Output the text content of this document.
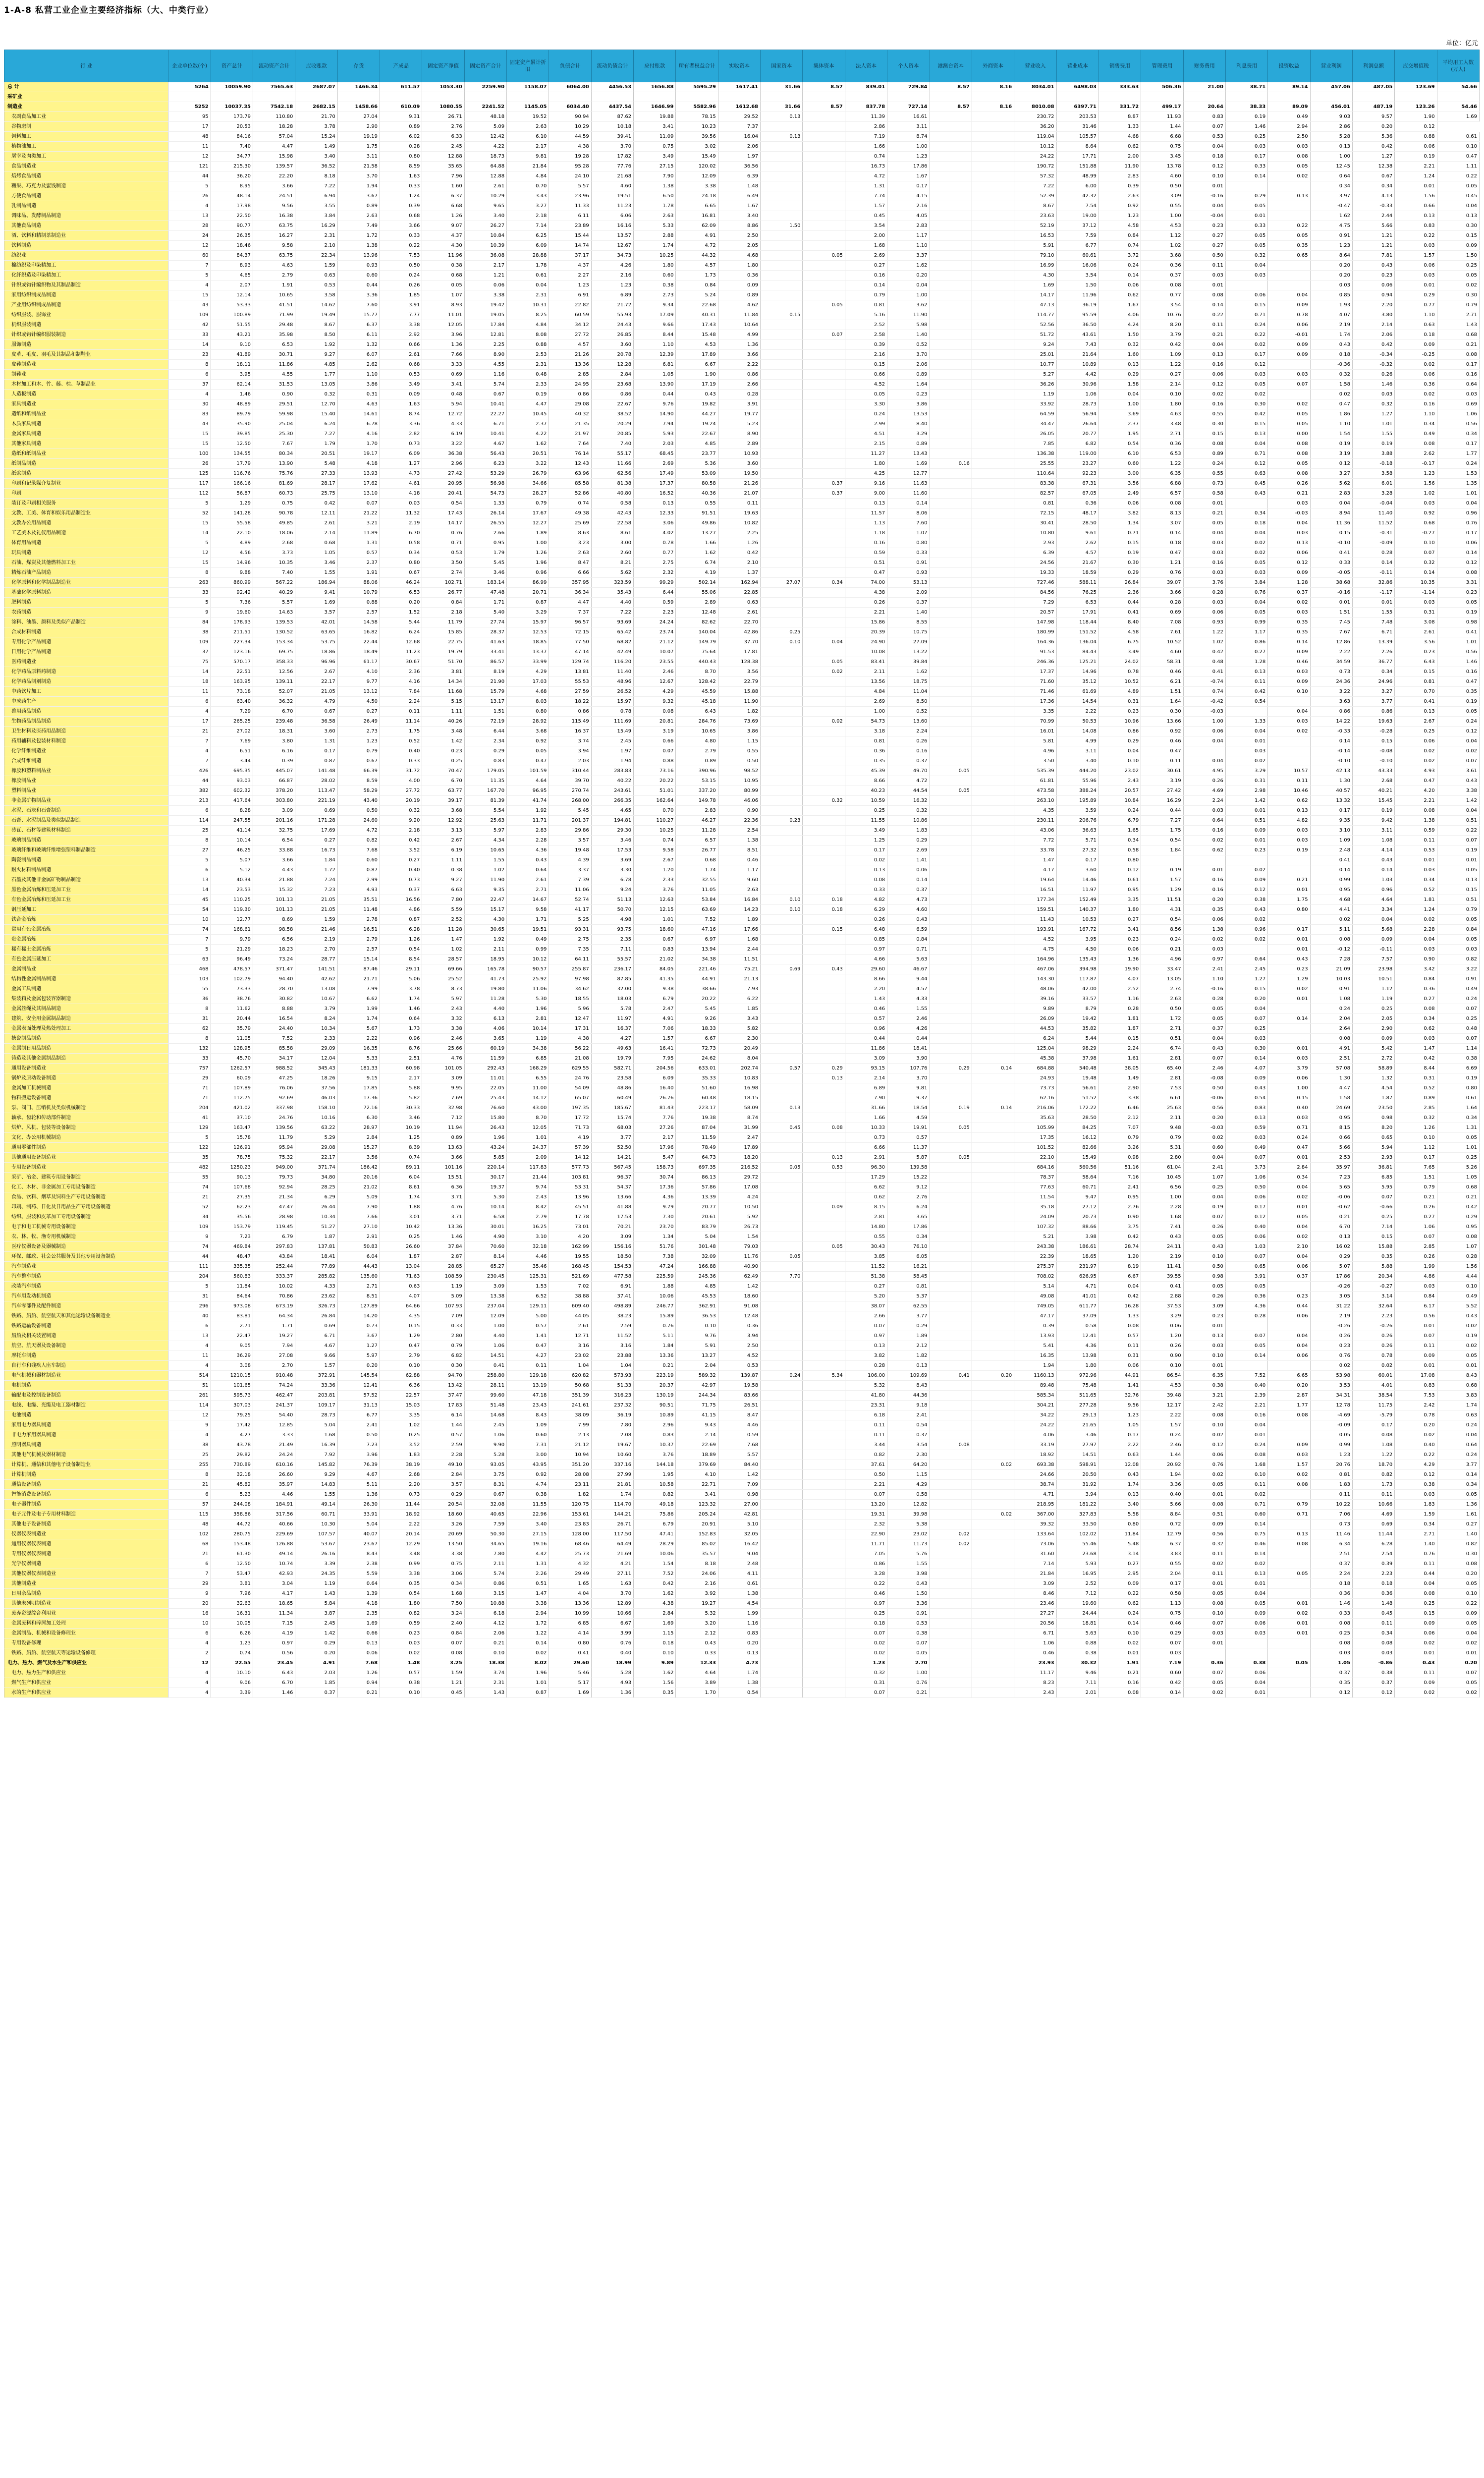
1-A-8 私营工业企业主要经济指标（大、中类行业）
单位：亿元
行 业	企业单位数(个)	资产总计	流动资产合计	应收账款	存货	产成品	固定资产净值	固定资产合计	固定资产累计折旧	负债合计	流动负债合计	应付账款	所有者权益合计	实收资本	国家资本	集体资本	法人资本	个人资本	港澳台资本	外商资本	营业收入	营业成本	销售费用	管理费用	财务费用	利息费用	投资收益	营业利润	利润总额	应交增值税	平均用工人数(万人)
总 计	5264	10059.90	7565.63	2687.07	1466.34	611.57	1053.30	2259.90	1158.07	6064.00	4456.53	1656.88	5595.29	1617.41	31.66	8.57	839.01	729.84	8.57	8.16	8034.01	6498.03	333.63	506.36	21.00	38.71	89.14	457.06	487.05	123.69	54.66
采矿业																															
制造业	5252	10037.35	7542.18	2682.15	1458.66	610.09	1080.55	2241.52	1145.05	6034.40	4437.54	1646.99	5582.96	1612.68	31.66	8.57	837.78	727.14	8.57	8.16	8010.08	6397.71	331.72	499.17	20.64	38.33	89.09	456.01	487.19	123.26	54.46
农副食品加工业	95	173.79	110.80	21.70	27.04	9.31	26.71	48.18	19.52	90.94	87.62	19.88	78.15	29.52	0.13		11.39	16.61			230.72	203.53	8.87	11.93	0.83	0.19	0.49	9.03	9.57	1.90	1.69
谷物磨制	17	20.53	18.28	3.78	2.90	0.89	2.76	5.09	2.63	10.29	10.18	3.41	10.23	7.37			2.86	3.11			36.20	31.46	1.33	1.44	0.07	1.46	2.94	2.86	0.20	0.12	
饲料加工	48	84.16	57.04	15.24	19.19	6.02	6.33	12.42	6.10	44.59	39.41	11.09	39.56	16.04	0.13		7.19	8.74			119.04	105.57	4.68	6.68	0.53	0.25	2.50	5.28	5.36	0.88	0.61
植物油加工	11	7.40	4.47	1.49	1.75	0.28	2.45	4.22	2.17	4.38	3.70	0.75	3.02	2.06			1.66	1.00			10.12	8.64	0.62	0.75	0.04	0.03	0.03	0.13	0.42	0.06	0.10
屠宰及肉类加工	12	34.77	15.98	3.40	3.11	0.80	12.88	18.73	9.81	19.28	17.82	3.49	15.49	1.97			0.74	1.23			24.22	17.71	2.00	3.45	0.18	0.17	0.08	1.00	1.27	0.19	0.47
食品制造业	121	215.30	139.57	36.52	21.58	8.59	35.65	64.88	21.84	95.28	77.76	27.15	120.02	36.56			16.73	17.86			190.72	151.88	11.90	13.78	0.12	0.33	0.05	12.45	12.38	2.21	1.11
焙烤食品制造	44	36.20	22.20	8.18	3.70	1.63	7.96	12.88	4.84	24.10	21.68	7.90	12.09	6.39			4.72	1.67			57.32	48.99	2.83	4.60	0.10	0.14	0.02	0.64	0.67	1.24	0.22
糖果、巧克力及蜜饯制造	5	8.95	3.66	7.22	1.94	0.33	1.60	2.61	0.70	5.57	4.60	1.38	3.38	1.48			1.31	0.17			7.22	6.00	0.39	0.50	0.01			0.34	0.34	0.01	0.05
方便食品制造	26	48.14	24.51	6.94	3.67	1.24	6.37	10.29	3.43	23.96	19.51	6.50	24.18	6.49			7.74	4.15			52.39	42.32	2.63	3.09	-0.16	0.29	0.13	3.97	4.13	1.56	0.45
乳制品制造	4	17.98	9.56	3.55	0.89	0.39	6.68	9.65	3.27	11.33	11.23	1.78	6.65	1.67			1.57	2.16			8.67	7.54	0.92	0.55	0.04	0.05		-0.47	-0.33	0.66	0.04
调味品、发酵制品制造	13	22.50	16.38	3.84	2.63	0.68	1.26	3.40	2.18	6.11	6.06	2.63	16.81	3.40			0.45	4.05			23.63	19.00	1.23	1.00	-0.04	0.01		1.62	2.44	0.13	0.13
其他食品制造	28	90.77	63.75	16.29	7.49	3.66	9.07	26.27	7.14	23.89	16.16	5.33	62.09	8.86	1.50		3.54	2.83			52.19	37.12	4.58	4.53	0.23	0.33	0.22	4.75	5.66	0.83	0.30
酒、饮料和精制茶制造业	24	26.35	16.27	2.31	1.72	0.33	4.37	10.84	6.25	15.44	13.57	2.88	4.91	2.50			2.00	1.17			16.53	7.59	0.84	1.12	0.27	0.05	0.05	0.91	1.21	0.22	0.15
饮料制造	12	18.46	9.58	2.10	1.38	0.22	4.30	10.39	6.09	14.74	12.67	1.74	4.72	2.05			1.68	1.10			5.91	6.77	0.74	1.02	0.27	0.05	0.35	1.23	1.21	0.03	0.09
纺织业	60	84.37	63.75	22.34	13.96	7.53	11.96	36.08	28.88	37.17	34.73	10.25	44.32	4.68		0.05	2.69	3.37			79.10	60.61	3.72	3.68	0.50	0.32	0.65	8.64	7.81	1.57	1.50
棉纺织及印染精加工	7	8.93	4.63	1.59	0.93	0.50	0.38	2.17	1.78	4.37	4.26	1.80	4.57	1.80			0.27	1.62			16.99	16.06	0.24	0.36	0.11	0.04		0.20	0.43	0.06	0.25
化纤织造及印染精加工	5	4.65	2.79	0.63	0.60	0.24	0.68	1.21	0.61	2.27	2.16	0.60	1.73	0.36			0.16	0.20			4.30	3.54	0.14	0.37	0.03	0.03		0.20	0.23	0.03	0.05
针织或钩针编织物及其制品制造	4	2.07	1.91	0.53	0.44	0.26	0.05	0.06	0.04	1.23	1.23	0.38	0.84	0.09			0.14	0.04			1.69	1.50	0.06	0.08	0.01			0.03	0.06	0.01	0.02
家用纺织制成品制造	15	12.14	10.65	3.58	3.36	1.85	1.07	3.38	2.31	6.91	6.89	2.73	5.24	0.89			0.79	1.00			14.17	11.96	0.62	0.77	0.08	0.06	0.04	0.85	0.94	0.29	0.30
产业用纺织制成品制造	43	53.33	41.51	14.62	7.60	3.91	8.93	19.42	10.31	22.82	21.72	9.34	22.68	4.62		0.05	0.81	3.62			47.13	36.19	1.67	3.54	0.14	0.15	0.09	1.93	2.20	0.77	0.79
纺织服装、服饰业	109	100.89	71.99	19.49	15.77	7.77	11.01	19.05	8.25	60.59	55.93	17.09	40.31	11.84	0.15		5.16	11.90			114.77	95.59	4.06	10.76	0.22	0.71	0.78	4.07	3.80	1.10	2.71
机织服装制造	42	51.55	29.48	8.67	6.37	3.38	12.05	17.84	4.84	34.12	24.43	9.66	17.43	10.64			2.52	5.98			52.56	36.50	4.24	8.20	0.11	0.24	0.06	2.19	2.14	0.63	1.43
针织或钩针编织服装制造	33	43.21	35.98	8.50	6.11	2.92	3.96	12.81	8.08	27.72	26.85	8.44	15.48	4.99		0.07	2.58	1.40			51.72	43.61	1.50	3.79	0.21	0.22	-0.01	1.74	2.06	0.18	0.68
服饰制造	14	9.10	6.53	1.92	1.32	0.66	1.36	2.25	0.88	4.57	3.60	1.10	4.53	1.36			0.39	0.52			9.24	7.43	0.32	0.42	0.04	0.02	0.09	0.43	0.42	0.09	0.21
皮革、毛皮、羽毛及其制品和制鞋业	23	41.89	30.71	9.27	6.07	2.61	7.66	8.90	2.53	21.26	20.78	12.39	17.89	3.66			2.16	3.70			25.01	21.64	1.60	1.09	0.13	0.17	0.09	0.18	-0.34	-0.25	0.08
皮鞋制造业	8	18.11	11.86	4.85	2.62	0.68	3.33	4.55	2.31	13.36	12.28	6.81	6.67	2.22			0.15	2.06			10.77	10.89	0.13	1.22	0.16	0.12		-0.36	-0.32	0.02	0.17
制鞋业	6	3.95	4.55	1.77	1.10	0.53	0.69	1.16	0.48	2.85	2.84	1.05	1.90	0.86			0.66	0.89			5.27	4.42	0.29	0.27	0.06	0.03	0.03	0.32	0.26	0.06	0.16
木材加工和木、竹、藤、棕、草制品业	37	62.14	31.53	13.05	3.86	3.49	3.41	5.74	2.33	24.95	23.68	13.90	17.19	2.66			4.52	1.64			36.26	30.96	1.58	2.14	0.12	0.05	0.07	1.58	1.46	0.36	0.64
人造板制造	4	1.46	0.90	0.32	0.31	0.09	0.48	0.67	0.19	0.86	0.86	0.44	0.43	0.28			0.05	0.23			1.19	1.06	0.04	0.10	0.02	0.02		0.02	0.03	0.02	0.03
家具制造业	30	48.89	29.51	12.70	4.63	1.63	5.94	10.41	4.47	29.08	22.67	9.76	19.82	3.91			3.30	3.86			33.92	28.73	1.00	1.80	0.16	0.30	0.02	0.47	0.32	0.16	0.69
造纸和纸制品业	83	89.79	59.98	15.40	14.61	8.74	12.72	22.27	10.45	40.32	38.52	14.90	44.27	19.77			0.24	13.53			64.59	56.94	3.69	4.63	0.55	0.42	0.05	1.86	1.27	1.10	1.06
木质家具制造	43	35.90	25.04	6.24	6.78	3.36	4.33	6.71	2.37	21.35	20.29	7.94	19.24	5.23			2.99	8.40			34.47	26.64	2.37	3.48	0.30	0.15	0.05	1.10	1.01	0.34	0.56
金属家具制造	15	39.85	25.30	7.27	4.16	2.82	6.19	10.41	4.22	21.97	20.85	5.93	22.67	8.90			4.51	3.29			26.05	20.77	1.95	2.71	0.15	0.13	0.00	1.54	1.55	0.49	0.34
其他家具制造	15	12.50	7.67	1.79	1.70	0.73	3.22	4.67	1.62	7.64	7.40	2.03	4.85	2.89			2.15	0.89			7.85	6.82	0.54	0.36	0.08	0.04	0.08	0.19	0.19	0.08	0.17
造纸和纸制品业	100	134.55	80.34	20.51	19.17	6.09	36.38	56.43	20.51	76.14	55.17	68.45	23.77	10.93			11.27	13.43			136.38	119.00	6.10	6.53	0.89	0.71	0.08	3.19	3.88	2.62	1.77
纸制品制造	26	17.79	13.90	5.48	4.18	1.27	2.96	6.23	3.22	12.43	11.66	2.69	5.36	3.60			1.80	1.69	0.16		25.55	23.27	0.60	1.22	0.24	0.12	0.05	0.12	-0.18	-0.17	0.24
纸浆制造	125	116.76	75.76	27.33	13.93	4.73	27.42	53.29	26.79	63.96	62.56	17.49	53.09	19.50			4.25	12.77			110.64	92.23	3.00	6.35	0.55	0.63	0.08	3.27	3.58	1.23	1.53
印刷和记录媒介复制业	117	166.16	81.69	28.17	17.62	4.61	20.95	56.98	34.66	85.58	81.38	17.37	80.58	21.26		0.37	9.16	11.63			83.38	67.31	3.56	6.88	0.73	0.45	0.26	5.62	6.01	1.56	1.35
印刷	112	56.87	60.73	25.75	13.10	4.18	20.41	54.73	28.27	52.86	40.80	16.52	40.36	21.07		0.37	9.00	11.60			82.57	67.05	2.49	6.57	0.58	0.43	0.21	2.83	3.28	1.02	1.01
装订及印刷相关服务	5	1.29	0.75	0.42	0.07	0.03	0.54	1.33	0.79	0.74	0.58	0.13	0.55	0.11			0.13	0.14			0.81	0.36	0.06	0.08	0.01		0.03	0.04	-0.04	0.03	0.04
文教、工美、体育和娱乐用品制造业	52	141.28	90.78	12.11	21.22	11.32	17.43	26.14	17.67	49.38	42.43	12.33	91.51	19.63			11.57	8.06			72.15	48.17	3.82	8.13	0.21	0.34	-0.03	8.94	11.40	0.92	0.96
文教办公用品制造	15	55.58	49.85	2.61	3.21	2.19	14.17	26.55	12.27	25.69	22.58	3.06	49.86	10.82			1.13	7.60			30.41	28.50	1.34	3.07	0.05	0.18	0.04	11.36	11.52	0.68	0.76
工艺美术及礼仪用品制造	14	22.10	18.06	2.14	11.89	6.70	0.76	2.66	1.89	8.63	8.61	4.02	13.27	2.25			1.18	1.07			10.80	9.61	0.71	0.14	0.04	0.04	0.03	0.15	-0.31	-0.27	0.17
体育用品制造	5	4.89	2.68	0.68	1.31	0.58	0.71	0.95	1.00	3.23	3.00	0.78	1.66	1.26			0.16	0.80			2.93	2.62	0.15	0.18	0.03	0.02	0.13	-0.10	-0.09	0.10	0.06
玩具制造	12	4.56	3.73	1.05	0.57	0.34	0.53	1.79	1.26	2.63	2.60	0.77	1.62	0.42			0.59	0.33			6.39	4.57	0.19	0.47	0.03	0.02	0.06	0.41	0.28	0.07	0.14
石油、煤炭及其他燃料加工业	15	14.96	10.35	3.46	2.37	0.80	3.50	5.45	1.96	8.47	8.21	2.75	6.74	2.10			0.51	0.91			24.56	21.67	0.30	1.21	0.16	0.05	0.12	0.33	0.14	0.32	0.12
精炼石油产品制造	8	9.88	7.40	1.55	1.91	0.67	2.74	3.46	0.96	6.66	5.62	2.32	4.19	1.37			0.47	0.93			19.33	18.59	0.29	0.76	0.03	0.03	0.09	-0.05	-0.11	0.14	0.08
化学原料和化学制品制造业	263	860.99	567.22	186.94	88.06	46.24	102.71	183.14	86.99	357.95	323.59	99.29	502.14	162.94	27.07	0.34	74.00	53.13			727.46	588.11	26.84	39.07	3.76	3.84	1.28	38.68	32.86	10.35	3.31
基础化学原料制造	33	92.42	40.29	9.41	10.79	6.53	26.77	47.48	20.71	36.34	35.43	6.44	55.06	22.85			4.38	2.09			84.56	76.25	2.36	3.66	0.28	0.76	0.37	-0.16	-1.17	-1.14	0.23
肥料制造	5	7.36	5.57	1.69	0.88	0.20	0.84	1.71	0.87	4.47	4.40	0.59	2.89	0.63			0.26	0.37			7.29	6.53	0.44	0.28	0.03	0.04	0.02	0.01	0.01	0.03	0.05
农药制造	9	19.60	14.63	3.57	2.57	1.52	2.18	5.40	3.29	7.37	7.22	2.23	12.48	2.61			2.21	1.40			20.57	17.91	0.41	0.69	0.06	0.05	0.03	1.51	1.55	0.31	0.19
涂料、油墨、颜料及类似产品制造	84	178.93	139.53	42.01	14.58	5.44	11.79	27.74	15.97	96.57	93.69	24.24	82.62	22.70			15.86	8.55			147.98	118.44	8.40	7.08	0.93	0.99	0.35	7.45	7.48	3.08	0.98
合成材料制造	38	211.51	130.52	63.65	16.82	6.24	15.85	28.37	12.53	72.15	65.42	23.74	140.04	42.86	0.25		20.39	10.75			180.99	151.52	4.58	7.61	1.22	1.17	0.35	7.67	6.71	2.61	0.41
专用化学产品制造	109	227.34	153.34	53.75	22.44	12.68	22.75	41.63	18.85	77.50	68.82	21.12	149.79	37.70	0.10	0.04	24.90	27.09			164.36	136.04	6.75	10.52	1.02	0.86	0.14	12.86	13.39	3.56	1.01
日用化学产品制造	37	123.16	69.75	18.86	18.49	11.23	19.79	33.41	13.37	47.14	42.49	10.07	75.64	17.81			10.08	13.22			91.53	84.43	3.49	4.60	0.42	0.27	0.09	2.22	2.26	0.23	0.56
医药制造业	75	570.17	358.33	96.96	61.17	30.67	51.70	86.57	33.99	129.74	116.20	23.55	440.43	128.38		0.05	83.41	39.84			246.36	125.21	24.02	58.31	0.48	1.28	0.46	34.59	36.77	6.43	1.46
化学药品原料药制造	14	22.51	12.56	2.67	4.10	2.36	3.81	8.19	4.29	13.81	11.40	2.46	8.70	3.56		0.02	2.11	1.62			17.37	14.96	0.78	0.46	0.41	0.13	0.03	0.73	0.34	0.15	0.16
化学药品制剂制造	18	163.95	139.11	22.17	9.77	4.16	14.34	21.90	17.03	55.53	48.96	12.67	128.42	22.79			13.56	18.75			71.60	35.12	10.52	6.21	-0.74	0.11	0.09	24.36	24.96	0.81	0.47
中药饮片加工	11	73.18	52.07	21.05	13.12	7.84	11.68	15.79	4.68	27.59	26.52	4.29	45.59	15.88			4.84	11.04			71.46	61.69	4.89	1.51	0.74	0.42	0.10	3.22	3.27	0.70	0.35
中成药生产	6	63.40	36.32	4.79	4.50	2.24	5.15	13.17	8.03	18.22	15.97	9.32	45.18	11.90			2.69	8.50			17.36	14.54	0.31	1.64	-0.42	0.54		3.63	3.77	0.41	0.19
兽用药品制造	4	7.29	6.70	0.67	0.27	0.11	1.11	1.51	0.80	0.86	0.78	0.08	6.43	1.82			1.00	0.52			3.35	2.22	0.23	0.30	-0.03		0.04	0.86	0.86	0.13	0.05
生物药品制品制造	17	265.25	239.48	36.58	26.49	11.14	40.26	72.19	28.92	115.49	111.69	20.81	284.76	73.69		0.02	54.73	13.60			70.99	50.53	10.96	13.66	1.00	1.33	0.03	14.22	19.63	2.67	0.24
卫生材料及医药用品制造	21	27.02	18.31	3.60	2.73	1.75	3.48	6.44	3.68	16.37	15.49	3.19	10.65	3.86			3.18	2.24			16.01	14.08	0.86	0.92	0.06	0.04	0.02	-0.33	-0.28	0.25	0.12
药用辅料及包装材料制造	7	7.69	3.80	1.31	1.23	0.52	1.42	2.34	0.92	3.74	2.45	0.66	4.80	1.15			0.81	0.26			5.81	4.99	0.29	0.46	0.04	0.01		0.14	0.15	0.06	0.04
化学纤维制造业	4	6.51	6.16	0.17	0.79	0.40	0.23	0.29	0.05	3.94	1.97	0.07	2.79	0.55			0.36	0.16			4.96	3.11	0.04	0.47		0.03		-0.14	-0.08	0.02	0.02
合成纤维制造	7	3.44	0.39	0.87	0.67	0.33	0.25	0.83	0.47	2.03	1.94	0.88	0.89	0.50			0.35	0.37			3.50	3.40	0.10	0.11	0.04	0.02		-0.10	-0.10	0.02	0.07
橡胶和塑料制品业	426	695.35	445.07	141.48	66.39	31.72	70.47	179.05	101.59	310.44	283.83	73.16	390.96	98.52			45.39	49.70	0.05		535.39	444.20	23.02	30.61	4.95	3.29	10.57	42.13	43.33	4.93	3.61
橡胶制品业	44	93.03	66.87	28.02	8.59	4.00	6.70	11.35	4.64	39.70	40.22	20.22	53.15	10.95			8.66	4.72			61.81	55.96	2.43	3.19	0.26	0.31	0.11	1.30	2.68	0.47	0.43
塑料制品业	382	602.32	378.20	113.47	58.29	27.72	63.77	167.70	96.95	270.74	243.61	51.01	337.20	80.99			40.23	44.54	0.05		473.58	388.24	20.57	27.42	4.69	2.98	10.46	40.57	40.21	4.20	3.38
非金属矿物制品业	213	417.64	303.80	221.19	43.40	20.19	39.17	81.39	41.74	268.00	266.35	162.64	149.78	46.06		0.32	10.59	16.32			263.10	195.89	10.84	16.29	2.24	1.42	0.62	13.32	15.45	2.21	1.42
水泥、石灰和石膏制造	6	8.28	3.09	0.69	0.50	0.32	3.68	5.54	1.92	5.45	4.65	0.70	2.83	0.90			0.25	0.32			4.35	3.59	0.24	0.44	0.03	0.01	0.13	0.17	0.19	0.08	0.04
石膏、水泥制品及类似制品制造	114	247.55	201.16	171.28	24.60	9.20	12.92	25.63	11.71	201.37	194.81	110.27	46.27	22.36	0.23		11.55	10.86			230.11	206.76	6.79	7.27	0.64	0.51	4.82	9.35	9.42	1.38	0.51
砖瓦、石材等建筑材料制造	25	41.14	32.75	17.69	4.72	2.18	3.13	5.97	2.83	29.86	29.30	10.25	11.28	2.54			3.49	1.83			43.06	36.63	1.65	1.75	0.16	0.09	0.03	3.10	3.11	0.59	0.22
玻璃制品制造	8	10.14	6.54	0.27	0.82	0.42	2.67	4.34	2.28	3.57	3.46	0.74	6.57	1.38			1.25	0.29			7.72	5.71	0.34	0.54	0.02	0.01	0.03	1.09	1.08	0.11	0.07
玻璃纤维和玻璃纤维增强塑料制品制造	27	46.25	33.88	16.73	7.68	3.52	6.19	10.65	4.36	19.48	17.53	9.58	26.77	8.51			0.17	2.69			33.78	27.32	0.58	1.84	0.62	0.23	0.19	2.48	4.14	0.53	0.19
陶瓷制品制造	5	5.07	3.66	1.84	0.60	0.27	1.11	1.55	0.43	4.39	3.69	2.67	0.68	0.46			0.02	1.41			1.47	0.17	0.80					0.41	0.43	0.01	0.01
耐火材料制品制造	6	5.12	4.43	1.72	0.87	0.40	0.38	1.02	0.64	3.37	3.30	1.20	1.74	1.17			0.13	0.06			4.17	3.60	0.12	0.19	0.01	0.02		0.14	0.14	0.03	0.05
石墨及其他非金属矿物制品制造	13	40.34	21.88	7.24	2.99	0.73	9.27	11.90	2.61	7.39	6.78	2.33	32.55	9.60			0.08	0.14			19.64	14.46	0.61	1.57	0.16	0.09	0.21	0.99	1.03	0.34	0.13
黑色金属冶炼和压延加工业	14	23.53	15.32	7.23	4.93	0.37	6.63	9.35	2.71	11.06	9.24	3.76	11.05	2.63			0.33	0.37			16.51	11.97	0.95	1.29	0.16	0.12	0.01	0.95	0.96	0.52	0.15
有色金属冶炼和压延加工业	45	110.25	101.13	21.05	35.51	16.56	7.80	22.47	14.67	52.74	51.13	12.63	53.84	16.84	0.10	0.18	4.82	4.73			177.34	152.49	3.35	11.51	0.20	0.38	1.75	4.68	4.64	1.81	0.51
钢压延加工	54	119.30	101.13	21.05	11.48	4.86	5.59	15.17	9.58	41.17	50.70	12.15	63.69	14.23	0.10	0.18	6.29	4.60			159.51	140.37	1.80	4.31	0.35	0.43	0.80	4.41	3.34	1.24	0.79
铁合金冶炼	10	12.77	8.69	1.59	2.78	0.87	2.52	4.30	1.71	5.25	4.98	1.01	7.52	1.89			0.26	0.43			11.43	10.53	0.27	0.54	0.06	0.02		0.02	0.04	0.02	0.05
常用有色金属冶炼	74	168.61	98.58	21.46	16.51	6.28	11.28	30.65	19.51	93.31	93.75	18.60	47.16	17.66		0.15	6.48	6.59			193.91	167.72	3.41	8.56	1.38	0.96	0.17	5.11	5.68	2.28	0.84
贵金属冶炼	7	9.79	6.56	2.19	2.79	1.26	1.47	1.92	0.49	2.75	2.35	0.67	6.97	1.68			0.85	0.84			4.52	3.95	0.23	0.24	0.02	0.02	0.01	0.08	0.09	0.04	0.05
稀有稀土金属冶炼	5	21.29	18.23	2.70	2.57	0.54	1.02	2.11	0.99	7.35	7.11	0.83	13.94	2.44			0.97	0.71			4.75	4.50	0.06	0.21	0.03		0.01	-0.12	-0.11	0.03	0.03
有色金属压延加工	63	96.49	73.24	28.77	15.14	8.54	28.57	18.95	10.12	64.11	55.57	21.02	34.38	11.51			4.66	5.63			164.96	135.43	1.36	4.96	0.97	0.64	0.43	7.28	7.57	0.90	0.82
金属制品业	468	478.57	371.47	141.51	87.46	29.11	69.66	165.78	90.57	255.87	236.17	84.05	221.46	75.21	0.69	0.43	29.60	46.67			467.06	394.98	19.90	33.47	2.41	2.45	0.23	21.09	23.98	3.42	3.22
结构性金属制品制造	103	102.79	94.40	42.62	21.71	5.06	25.52	41.73	25.92	97.98	87.85	41.35	44.91	21.13			8.66	9.44			143.30	117.87	4.07	13.05	1.10	1.27	1.29	10.03	10.51	0.84	0.91
金属工具制造	55	73.33	28.70	13.08	7.99	3.78	8.73	19.80	11.06	34.62	32.00	9.38	38.66	7.93			2.20	4.57			48.06	42.00	2.52	2.74	-0.16	0.15	0.02	0.91	1.12	0.36	0.49
集装箱及金属包装容器制造	36	38.76	30.82	10.67	6.62	1.74	5.97	11.28	5.30	18.55	18.03	6.79	20.22	6.22			1.43	4.33			39.16	33.57	1.16	2.63	0.28	0.20	0.01	1.08	1.19	0.27	0.24
金属丝绳及其制品制造	8	11.62	8.88	3.79	1.99	1.46	2.43	4.40	1.96	5.96	5.78	2.47	5.45	1.85			0.46	1.55			9.89	8.79	0.28	0.50	0.05	0.04		0.24	0.25	0.08	0.07
建筑、安全用金属制品制造	31	20.44	16.54	8.24	1.74	0.64	3.32	6.13	2.81	12.47	11.97	4.91	9.26	3.43			0.57	2.46			26.09	19.42	1.81	1.72	0.05	0.07	0.14	2.04	2.05	0.34	0.25
金属表面处理及热处理加工	62	35.79	24.40	10.34	5.67	1.73	3.38	4.06	10.14	17.31	16.37	7.06	18.33	5.82			0.96	4.26			44.53	35.82	1.87	2.71	0.37	0.25		2.64	2.90	0.62	0.48
搪瓷制品制造	8	11.05	7.52	2.33	2.22	0.96	2.46	3.65	1.19	4.38	4.27	1.57	6.67	2.30			0.44	0.44			6.24	5.44	0.15	0.51	0.04	0.03		0.08	0.09	0.03	0.07
金属制日用品制造	132	128.95	85.58	29.09	16.35	8.76	25.66	60.19	34.38	56.22	49.63	16.41	72.73	20.49			11.86	18.41			125.04	98.29	2.24	6.74	0.43	0.30	0.01	4.91	5.42	1.47	1.14
铸造及其他金属制品制造	33	45.70	34.17	12.04	5.33	2.51	4.76	11.59	6.85	21.08	19.79	7.95	24.62	8.04			3.09	3.90			45.38	37.98	1.61	2.81	0.07	0.14	0.03	2.51	2.72	0.42	0.38
通用设备制造业	757	1262.57	988.52	345.43	181.33	60.98	101.05	292.43	168.29	629.55	582.71	204.56	633.01	202.74	0.57	0.29	93.15	107.76	0.29	0.14	684.88	540.48	38.05	65.40	2.46	4.07	3.79	57.08	58.89	8.44	6.69
锅炉及原动设备制造	29	60.09	47.25	18.26	9.15	2.17	3.09	11.01	6.55	24.76	23.58	6.09	35.33	10.83		0.13	2.14	3.70			24.93	19.48	1.49	2.81	-0.08	0.09	0.06	1.30	1.32	0.31	0.19
金属加工机械制造	71	107.89	76.06	37.56	17.85	5.88	9.95	22.05	11.00	54.09	48.86	16.40	51.60	16.98			6.89	9.81			73.73	56.61	2.90	7.53	0.50	0.43	1.00	4.47	4.54	0.52	0.80
物料搬运设备制造	71	112.75	92.69	46.03	17.36	5.82	7.69	25.43	14.12	65.07	60.49	26.76	60.48	18.15			7.90	9.37			62.16	51.52	3.38	6.61	-0.06	0.54	0.15	1.58	1.87	0.89	0.61
泵、阀门、压缩机及类似机械制造	204	421.02	337.98	158.10	72.16	30.33	32.98	76.60	43.00	197.35	185.67	81.43	223.17	58.09	0.13		31.66	18.54	0.19	0.14	216.06	172.22	6.46	25.63	0.56	0.83	0.40	24.69	23.50	2.85	1.64
轴承、齿轮和传动部件制造	41	37.10	24.76	10.16	6.30	3.46	7.12	15.80	8.70	17.72	15.74	7.76	19.38	8.74			1.66	4.59			35.63	28.50	2.12	2.11	0.20	0.13	0.03	0.95	0.98	0.32	0.34
烘炉、风机、包装等设备制造	129	163.47	139.56	63.22	28.97	10.19	11.94	26.43	12.05	71.73	68.03	27.26	87.04	31.99	0.45	0.08	10.33	19.91	0.05		105.99	84.25	7.07	9.48	-0.03	0.59	0.71	8.15	8.20	1.26	1.31
文化、办公用机械制造	5	15.78	11.79	5.29	2.84	1.25	0.89	1.96	1.01	4.19	3.77	2.17	11.59	2.47			0.73	0.57			17.35	16.12	0.79	0.79	0.02	0.03	0.24	0.66	0.65	0.10	0.05
通用零部件制造	122	126.91	95.94	29.08	15.27	8.39	13.63	43.24	24.37	57.39	52.50	17.96	78.49	17.89			6.66	11.37			101.52	82.66	3.26	5.31	0.60	0.49	0.47	5.66	5.94	1.12	1.01
其他通用设备制造业	35	78.75	75.32	22.17	3.56	0.74	3.66	5.85	2.09	14.12	14.21	5.47	64.73	18.20		0.13	2.91	5.87	0.05		22.10	15.49	0.98	2.80	0.04	0.07	0.01	2.53	2.93	0.17	0.25
专用设备制造业	482	1250.23	949.00	371.74	186.42	89.11	101.16	220.14	117.83	577.73	567.45	158.73	697.35	216.52	0.05	0.53	96.30	139.58			684.16	560.56	51.16	61.04	2.41	3.73	2.84	35.97	36.81	7.65	5.26
采矿、冶金、建筑专用设备制造	55	90.13	79.73	34.80	20.16	6.04	15.51	30.17	21.44	103.81	96.37	30.74	86.13	29.72			17.29	15.22			78.37	58.64	7.16	10.45	1.07	1.06	0.34	7.23	6.85	1.51	1.05
化工、木材、非金属加工专用设备制造	74	107.68	92.94	28.25	21.02	8.61	6.36	19.37	9.74	53.31	54.37	17.36	57.86	17.08			6.62	9.12			77.63	60.71	2.41	6.56	0.25	0.50	0.04	5.65	5.95	0.79	0.68
食品、饮料、烟草及饲料生产专用设备制造	21	27.35	21.34	6.29	5.09	1.74	3.71	5.30	2.43	13.96	13.66	4.36	13.39	4.24			0.62	2.76			11.54	9.47	0.95	1.00	0.04	0.06	0.02	-0.06	0.07	0.21	0.21
印刷、制药、日化及日用品生产专用设备制造	52	62.23	47.47	26.44	7.90	1.88	4.76	10.14	8.42	45.51	41.88	9.79	20.77	10.50		0.09	8.15	6.24			35.18	27.12	2.76	2.28	0.19	0.17	0.01	-0.62	-0.66	0.26	0.42
纺织、服装和皮革加工专用设备制造	34	35.56	28.98	10.34	7.66	3.01	3.71	6.58	2.79	17.78	17.53	7.30	20.61	5.92			2.81	3.65			24.09	20.73	0.90	1.68	0.07	0.12	0.05	0.21	0.25	0.27	0.29
电子和电工机械专用设备制造	109	153.79	119.45	51.27	27.10	10.42	13.36	30.01	16.25	73.01	70.21	23.70	83.79	26.73			14.80	17.86			107.32	88.66	3.75	7.41	0.26	0.40	0.04	6.70	7.14	1.06	0.95
农、林、牧、渔专用机械制造	9	7.23	6.79	1.87	2.91	0.25	1.46	4.90	3.10	4.20	3.09	1.34	5.04	1.54			0.55	0.34			5.21	3.98	0.42	0.43	0.05	0.06	0.02	0.13	0.15	0.07	0.08
医疗仪器设备及器械制造	74	469.84	297.83	137.81	50.83	26.60	37.84	70.60	32.18	162.99	156.16	51.76	301.48	79.03		0.05	30.43	76.10			243.38	186.61	28.74	24.11	0.43	1.03	2.10	16.02	15.88	2.85	1.07
环保、邮政、社会公共服务及其他专用设备制造	44	48.47	43.84	18.41	6.04	1.87	2.87	8.14	4.46	19.55	18.50	7.38	32.09	11.76	0.05		3.85	6.05			22.39	18.65	1.20	2.19	0.10	0.07	0.04	0.29	0.35	0.26	0.28
汽车制造业	111	335.35	252.44	77.89	44.43	13.04	28.85	65.27	35.46	168.45	154.53	47.24	166.88	40.90			11.52	16.21			275.37	231.97	8.19	11.41	0.50	0.65	0.06	5.07	5.88	1.99	1.56
汽车整车制造	204	560.83	333.37	285.82	135.60	71.63	108.59	230.45	125.31	521.69	477.58	225.59	245.36	62.49	7.70		51.38	58.45			708.02	626.95	6.67	39.55	0.98	3.91	0.37	17.86	20.34	4.86	4.44
改装汽车制造	5	11.84	10.02	4.33	2.71	0.63	1.19	3.09	1.53	7.02	6.91	1.88	4.85	1.42			0.27	0.81			5.14	4.71	0.04	0.41	0.05	0.05		-0.26	-0.27	0.03	0.10
汽车用发动机制造	31	84.64	70.86	23.62	8.51	4.07	5.09	13.38	6.52	38.88	37.41	10.06	45.53	18.60			5.20	5.37			49.08	41.01	0.42	2.88	0.26	0.36	0.23	3.05	3.14	0.84	0.49
汽车零部件及配件制造	296	973.08	673.19	326.73	127.89	64.66	107.93	237.04	129.11	609.40	498.89	246.77	362.91	91.08			38.07	62.55			749.05	611.77	16.28	37.53	3.09	4.36	0.44	31.22	32.64	6.17	5.52
铁路、船舶、航空航天和其他运输设备制造业	40	83.81	64.34	26.84	14.20	4.35	7.09	12.09	5.00	44.05	38.23	15.89	36.53	12.48			2.66	3.77			47.17	37.09	1.33	3.29	0.23	0.28	0.06	2.19	2.23	0.56	0.43
铁路运输设备制造	6	2.71	1.71	0.69	0.73	0.15	0.33	1.00	0.57	2.61	2.59	0.76	0.10	0.36			0.07	0.29			0.39	0.58	0.08	0.06	0.01			-0.26	-0.26	0.01	0.02
船舶及相关装置制造	13	22.47	19.27	6.71	3.67	1.29	2.80	4.40	1.41	12.71	11.52	5.11	9.76	3.94			0.97	1.89			13.93	12.41	0.57	1.20	0.13	0.07	0.04	0.26	0.26	0.07	0.19
航空、航天器及设备制造	4	9.05	7.94	4.67	1.27	0.47	0.79	1.06	0.47	3.16	3.16	1.84	5.91	2.50			0.13	2.12			5.41	4.36	0.11	0.26	0.03	0.05	0.04	0.23	0.26	0.11	0.02
摩托车制造	11	36.29	27.08	9.66	5.97	2.79	6.82	14.51	4.27	23.02	23.88	13.36	13.27	4.52			3.82	1.82			16.35	13.98	0.31	0.90	0.10	0.14	0.06	0.76	0.78	0.09	0.05
自行车和残疾人座车制造	4	3.08	2.70	1.57	0.20	0.10	0.30	0.41	0.11	1.04	1.04	0.21	2.04	0.53			0.28	0.13			1.94	1.80	0.06	0.10	0.01			0.02	0.02	0.01	0.01
电气机械和器材制造业	514	1210.15	910.48	372.91	145.54	62.88	94.70	258.80	129.18	620.82	573.93	223.19	589.32	139.87	0.24	5.34	106.00	109.69	0.41	0.20	1160.13	972.96	44.91	86.54	6.35	7.52	6.65	53.98	60.01	17.08	8.43
电机制造	51	101.65	74.24	33.36	12.41	6.36	13.42	28.11	13.19	50.68	51.33	20.37	42.97	19.58			5.32	8.43			89.48	75.48	1.41	4.53	0.38	0.40	0.20	3.53	4.01	0.83	0.68
输配电及控制设备制造	261	595.73	462.47	203.81	57.52	22.57	37.47	99.60	47.18	351.39	316.23	130.19	244.34	83.66			41.80	44.36			585.34	511.65	32.76	39.48	3.21	2.39	2.87	34.31	38.54	7.53	3.83
电线、电缆、光缆及电工器材制造	114	307.03	241.37	109.17	31.13	15.03	17.83	51.48	23.43	241.61	237.32	90.51	71.75	26.51			23.31	9.18			304.21	277.28	9.56	12.17	2.42	2.21	1.77	12.78	11.75	2.42	1.74
电池制造	12	79.25	54.40	28.73	6.77	3.35	6.14	14.68	8.43	38.09	36.19	10.89	41.15	8.47			6.18	2.41			34.22	29.13	1.23	2.22	0.08	0.16	0.08	-4.69	-5.79	0.78	0.63
家用电力器具制造	9	17.42	12.85	5.04	2.41	1.02	1.44	2.45	1.09	7.99	7.80	2.96	9.43	4.46			0.11	0.54			24.22	21.65	1.05	1.57	0.10	0.04		-0.09	0.17	0.20	0.24
非电力家用器具制造	4	4.27	3.33	1.68	0.50	0.25	0.57	1.06	0.60	2.13	2.08	0.83	2.14	0.59			0.11	0.37			4.06	3.46	0.17	0.24	0.02	0.01		0.05	0.08	0.02	0.04
照明器具制造	38	43.78	21.49	16.39	7.23	3.52	2.59	9.90	7.31	21.12	19.67	10.37	22.69	7.68			3.44	3.54	0.08		33.19	27.97	2.22	2.46	0.12	0.24	0.09	0.99	1.08	0.40	0.64
其他电气机械及器材制造	25	29.82	24.24	7.92	3.96	1.83	2.28	5.28	3.00	10.94	10.60	3.76	18.89	5.57			0.82	2.30			18.92	14.51	0.63	1.44	0.06	0.08	0.03	1.23	1.22	0.22	0.24
计算机、通信和其他电子设备制造业	255	730.89	610.16	145.82	76.39	38.19	49.10	93.05	43.95	351.20	337.16	144.18	379.69	84.40			37.61	64.20		0.02	693.38	598.91	12.08	20.92	0.76	1.68	1.57	20.76	18.70	4.29	3.77
计算机制造	8	32.18	26.60	9.29	4.67	2.68	2.84	3.75	0.92	28.08	27.99	1.95	4.10	1.42			0.50	1.15			24.66	20.50	0.43	1.94	0.02	0.10	0.02	0.81	0.82	0.12	0.14
通信设备制造	21	45.82	35.97	14.83	5.11	2.20	3.57	8.31	4.74	23.11	21.81	10.58	22.71	7.09			2.21	4.29			38.74	31.92	1.74	3.36	0.05	0.11	0.08	1.83	1.73	0.38	0.34
智能消费设备制造	6	5.23	4.46	1.55	1.36	0.73	0.29	0.67	0.38	1.82	1.74	0.82	3.41	0.98			0.07	0.58			4.71	3.94	0.13	0.40	0.01	0.02		0.11	0.11	0.03	0.05
电子器件制造	57	244.08	184.91	49.14	26.30	11.44	20.54	32.08	11.55	120.75	114.70	49.18	123.32	27.00			13.20	12.82			218.95	181.22	3.40	5.66	0.08	0.71	0.79	10.22	10.66	1.83	1.36
电子元件及电子专用材料制造	115	358.86	317.56	60.71	33.91	18.92	18.60	40.65	22.96	153.61	144.21	75.86	205.24	42.81			19.31	39.98		0.02	367.00	327.83	5.58	8.84	0.51	0.60	0.71	7.06	4.69	1.59	1.61
其他电子设备制造	48	44.72	40.66	10.30	5.04	2.22	3.26	7.59	3.40	23.83	26.71	6.79	20.91	5.10			2.32	5.38			39.32	33.50	0.80	0.72	0.09	0.14		0.73	0.69	0.34	0.27
仪器仪表制造业	102	280.75	229.69	107.57	40.07	20.14	20.69	50.30	27.15	128.00	117.50	47.41	152.83	32.05			22.90	23.02	0.02		133.64	102.02	11.84	12.79	0.56	0.75	0.13	11.46	11.44	2.71	1.40
通用仪器仪表制造	68	153.48	126.88	53.67	23.67	12.29	13.50	34.65	19.16	68.46	64.49	28.29	85.02	16.42			11.71	11.73	0.02		73.06	55.46	5.48	6.37	0.32	0.46	0.08	6.34	6.28	1.40	0.82
专用仪器仪表制造	21	61.30	49.14	26.16	8.43	3.48	3.38	7.80	4.42	25.73	21.69	10.06	35.57	9.04			7.05	5.76			31.60	23.68	3.14	3.83	0.11	0.14		2.51	2.54	0.76	0.30
光学仪器制造	6	12.50	10.74	3.39	2.38	0.99	0.75	2.11	1.31	4.32	4.21	1.54	8.18	2.48			0.86	1.55			7.14	5.93	0.27	0.55	0.02	0.02		0.37	0.39	0.11	0.08
其他仪器仪表制造业	7	53.47	42.93	24.35	5.59	3.38	3.06	5.74	2.26	29.49	27.11	7.52	24.06	4.11			3.28	3.98			21.84	16.95	2.95	2.04	0.11	0.13	0.05	2.24	2.23	0.44	0.20
其他制造业	29	3.81	3.04	1.19	0.64	0.35	0.34	0.86	0.51	1.65	1.63	0.42	2.16	0.61			0.22	0.43			3.09	2.52	0.09	0.17	0.01	0.01		0.18	0.18	0.04	0.05
日用杂品制造	9	7.96	4.17	1.43	1.39	0.54	1.68	3.15	1.47	4.04	3.70	1.62	3.92	1.38			0.46	1.50			8.46	7.12	0.22	0.58	0.05	0.04		0.36	0.36	0.08	0.10
其他未列明制造业	20	32.63	18.65	5.84	4.18	1.80	7.50	10.88	3.38	13.36	12.89	4.38	19.27	4.54			0.97	3.36			23.46	19.60	0.62	1.13	0.08	0.05	0.01	1.46	1.48	0.25	0.22
废弃资源综合利用业	16	16.31	11.34	3.87	2.35	0.82	3.24	6.18	2.94	10.99	10.66	2.84	5.32	1.99			0.25	0.91			27.27	24.44	0.24	0.75	0.10	0.09	0.02	0.33	0.45	0.15	0.09
金属废料和碎屑加工处理	10	10.05	7.15	2.45	1.69	0.59	2.40	4.12	1.72	6.85	6.67	1.69	3.20	1.16			0.18	0.53			20.56	18.81	0.14	0.46	0.07	0.06	0.01	0.08	0.11	0.09	0.05
金属制品、机械和设备修理业	6	6.26	4.19	1.42	0.66	0.23	0.84	2.06	1.22	4.14	3.99	1.15	2.12	0.83			0.07	0.38			6.71	5.63	0.10	0.29	0.03	0.03	0.01	0.25	0.34	0.06	0.04
专用设备修理	4	1.23	0.97	0.29	0.13	0.03	0.07	0.21	0.14	0.80	0.76	0.18	0.43	0.20			0.02	0.07			1.06	0.88	0.02	0.07	0.01			0.08	0.08	0.02	0.02
铁路、船舶、航空航天等运输设备修理	2	0.74	0.56	0.20	0.06	0.02	0.08	0.10	0.02	0.41	0.40	0.10	0.33	0.13			0.02	0.05			0.46	0.38	0.01	0.03				0.03	0.03	0.01	0.01
电力、热力、燃气及水生产和供应业	12	22.55	23.45	4.91	7.68	1.48	3.25	18.38	8.02	29.60	18.99	9.89	12.33	4.73			1.23	2.70			23.93	30.32	1.91	7.19	0.36	0.38	0.05	1.05	-0.86	0.43	0.20
电力、热力生产和供应业	4	10.10	6.43	2.03	1.26	0.57	1.59	3.74	1.96	5.46	5.28	1.62	4.64	1.74			0.32	1.00			11.17	9.46	0.21	0.60	0.07	0.06		0.37	0.38	0.11	0.07
燃气生产和供应业	4	9.06	6.70	1.85	0.94	0.38	1.21	2.31	1.01	5.17	4.93	1.56	3.89	1.38			0.31	0.76			8.23	7.11	0.16	0.42	0.05	0.04		0.35	0.37	0.09	0.05
水的生产和供应业	4	3.39	1.46	0.37	0.21	0.10	0.45	1.43	0.87	1.69	1.36	0.35	1.70	0.54			0.07	0.21			2.43	2.01	0.08	0.14	0.02	0.01		0.12	0.12	0.02	0.02
